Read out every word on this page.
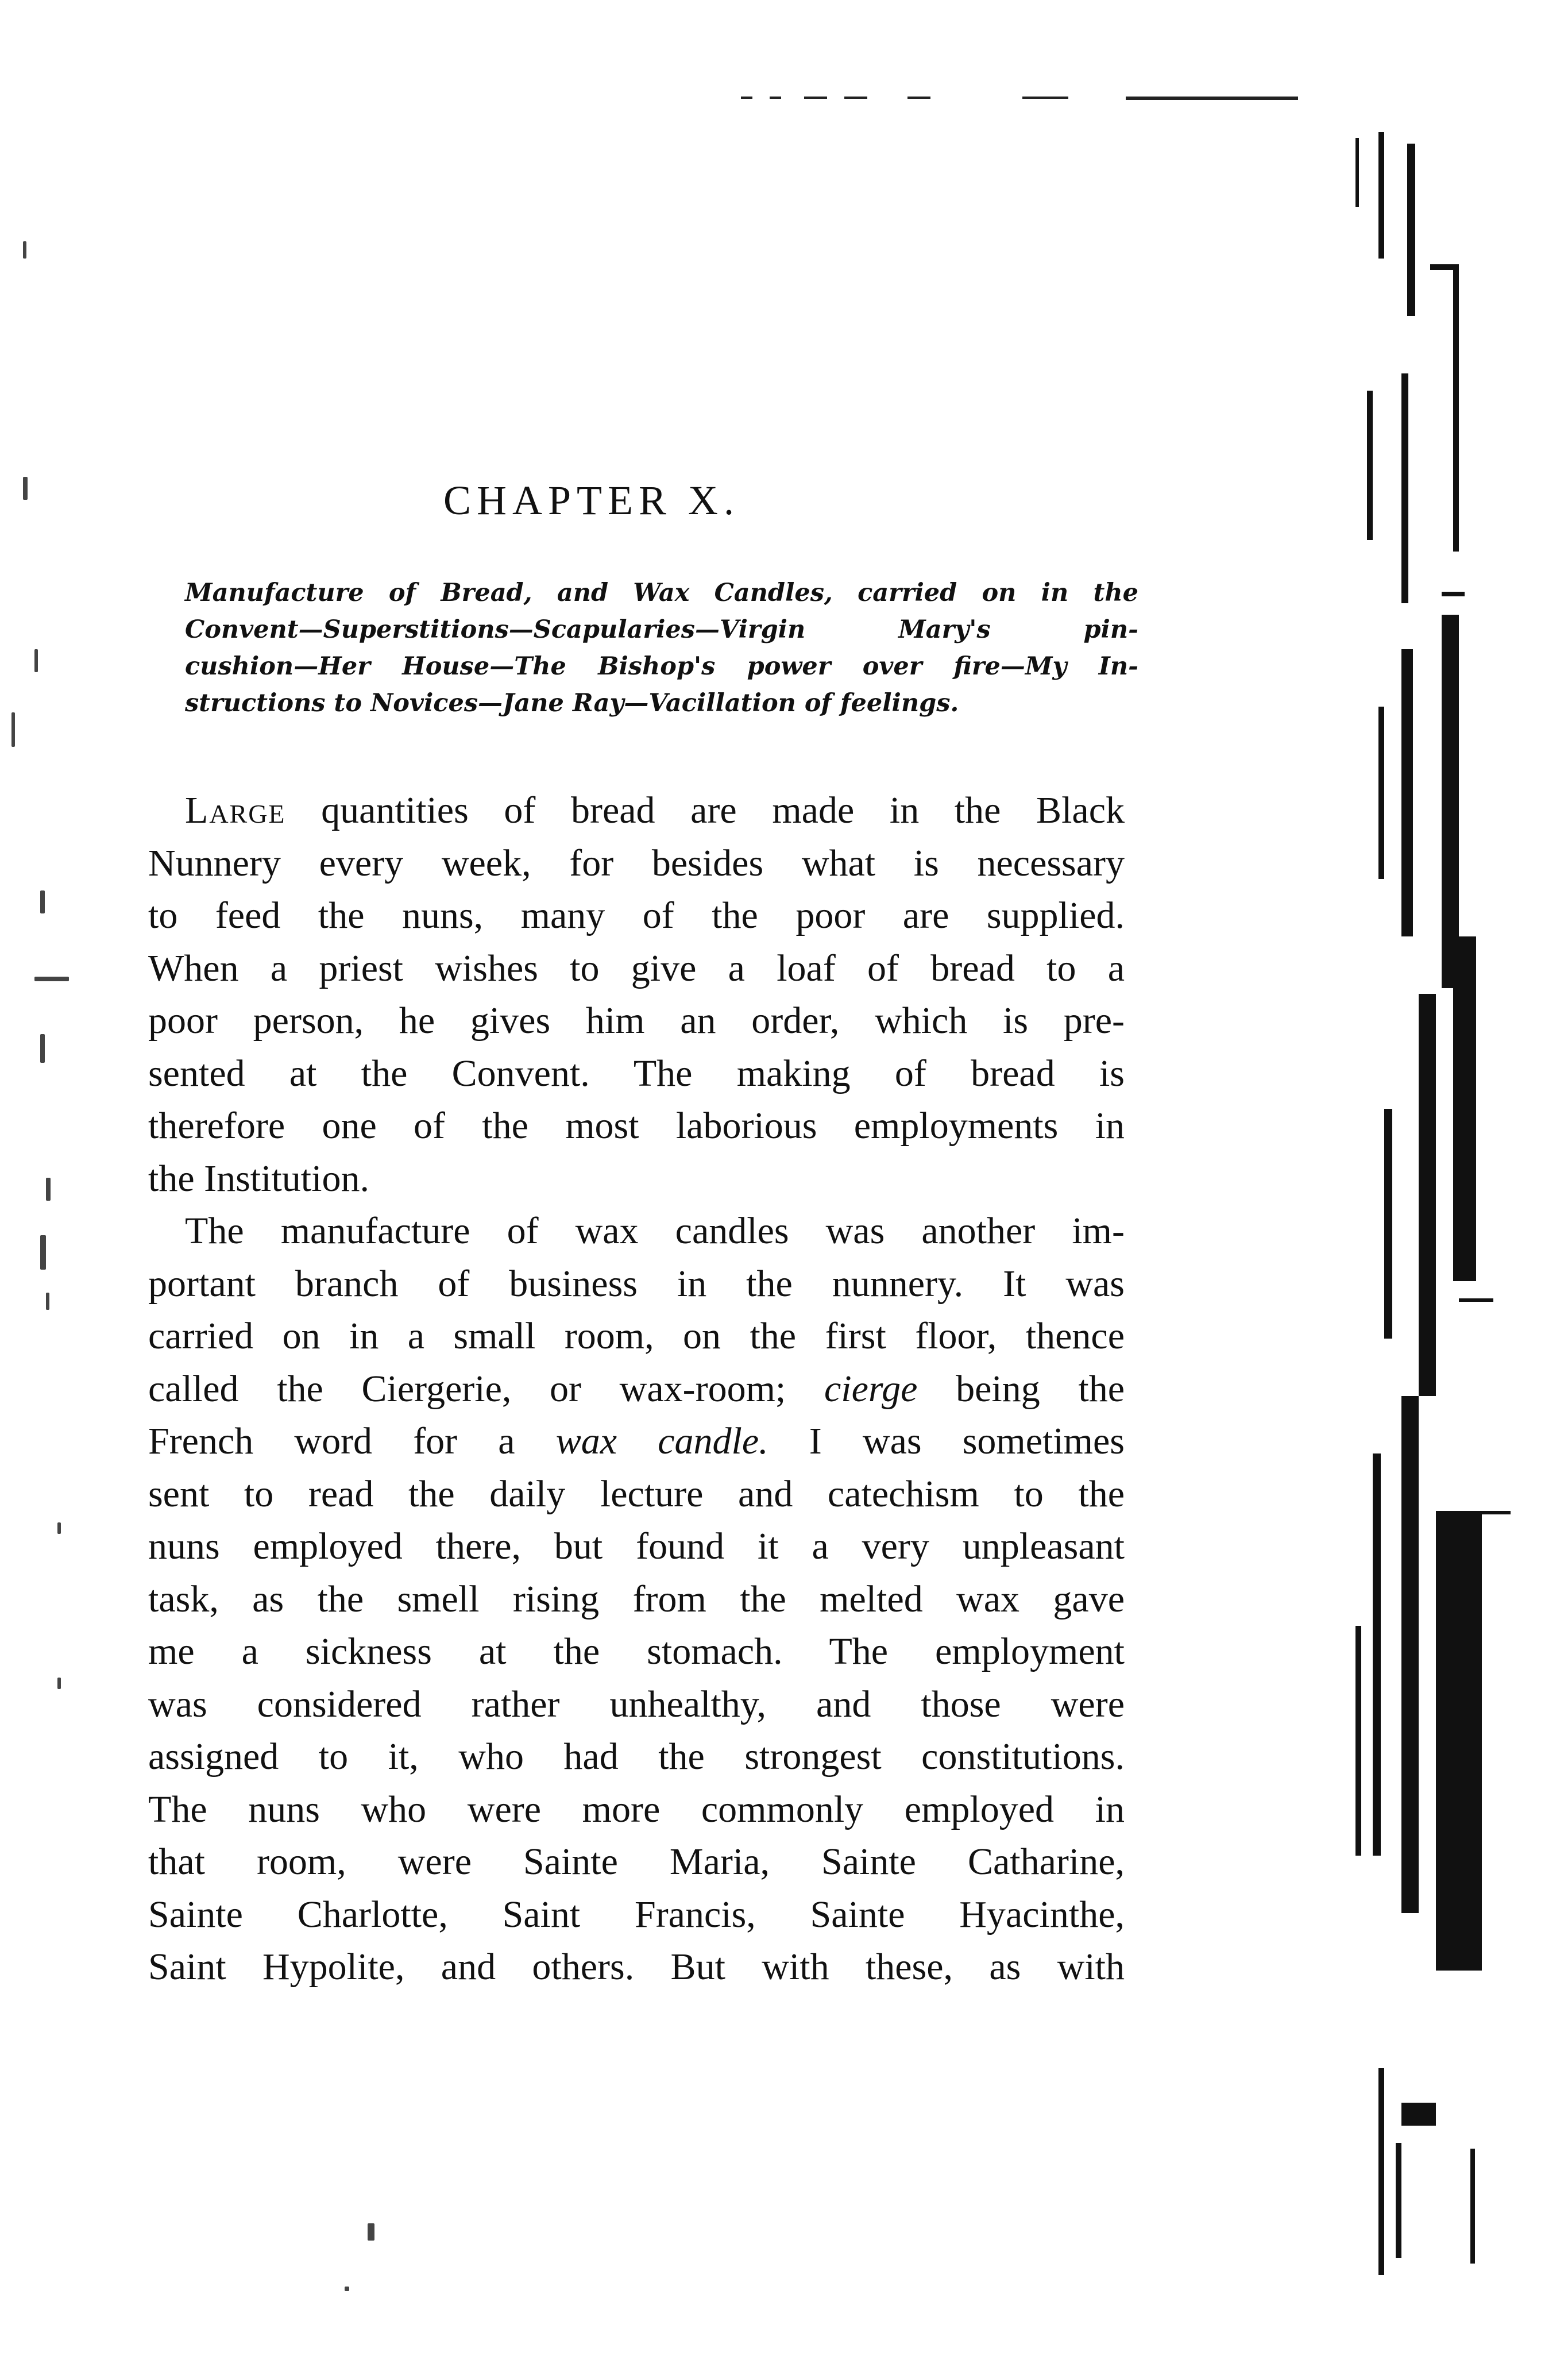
CHAPTER X.
Manufacture of Bread, and Wax Candles, carried on in the
Convent—Superstitions—Scapularies—Virgin Mary's pin-
cushion—Her House—The Bishop's power over fire—My In-
structions to Novices—Jane Ray—Vacillation of feelings.
Large quantities of bread are made in the Black
Nunnery every week, for besides what is necessary
to feed the nuns, many of the poor are supplied.
When a priest wishes to give a loaf of bread to a
poor person, he gives him an order, which is pre-
sented at the Convent. The making of bread is
therefore one of the most laborious employments in
the Institution.
The manufacture of wax candles was another im-
portant branch of business in the nunnery. It was
carried on in a small room, on the first floor, thence
called the Ciergerie, or wax-room; cierge being the
French word for a wax candle. I was sometimes
sent to read the daily lecture and catechism to the
nuns employed there, but found it a very unpleasant
task, as the smell rising from the melted wax gave
me a sickness at the stomach. The employment
was considered rather unhealthy, and those were
assigned to it, who had the strongest constitutions.
The nuns who were more commonly employed in
that room, were Sainte Maria, Sainte Catharine,
Sainte Charlotte, Saint Francis, Sainte Hyacinthe,
Saint Hypolite, and others. But with these, as with
